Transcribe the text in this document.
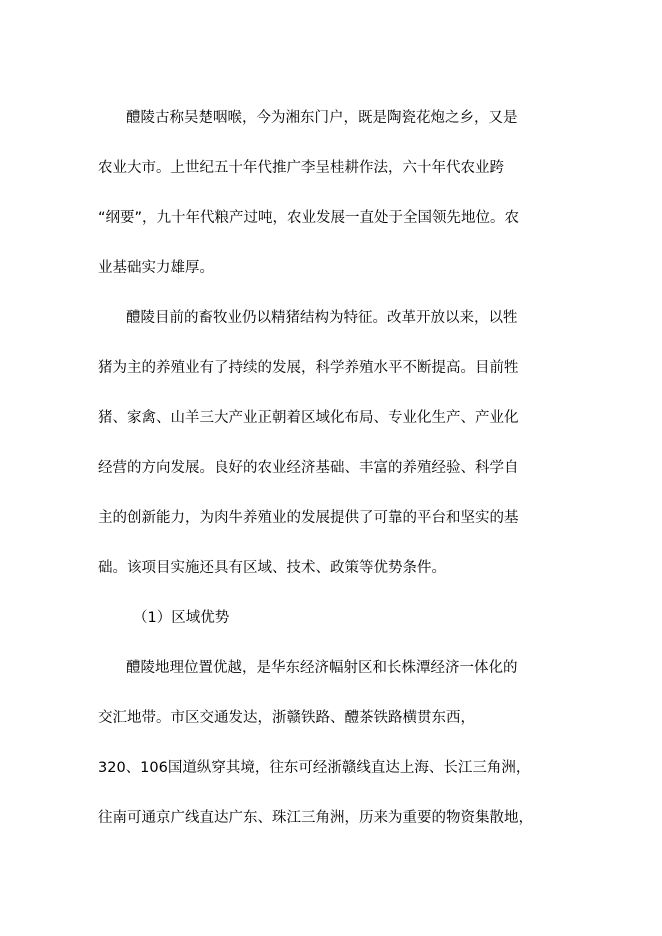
醴陵古称吴楚咽喉，今为湘东门户，既是陶瓷花炮之乡，又是
农业大市。上世纪五十年代推广李呈桂耕作法，六十年代农业跨
“纲要”，九十年代粮产过吨，农业发展一直处于全国领先地位。农
业基础实力雄厚。
醴陵目前的畜牧业仍以精猪结构为特征。改革开放以来，以牲
猪为主的养殖业有了持续的发展，科学养殖水平不断提高。目前牲
猪、家禽、山羊三大产业正朝着区域化布局、专业化生产、产业化
经营的方向发展。良好的农业经济基础、丰富的养殖经验、科学自
主的创新能力，为肉牛养殖业的发展提供了可靠的平台和坚实的基
础。该项目实施还具有区域、技术、政策等优势条件。
（1）区域优势
醴陵地理位置优越，是华东经济幅射区和长株潭经济一体化的
交汇地带。市区交通发达，浙赣铁路、醴茶铁路横贯东西，
320、106国道纵穿其境，往东可经浙赣线直达上海、长江三角洲，
往南可通京广线直达广东、珠江三角洲，历来为重要的物资集散地，
